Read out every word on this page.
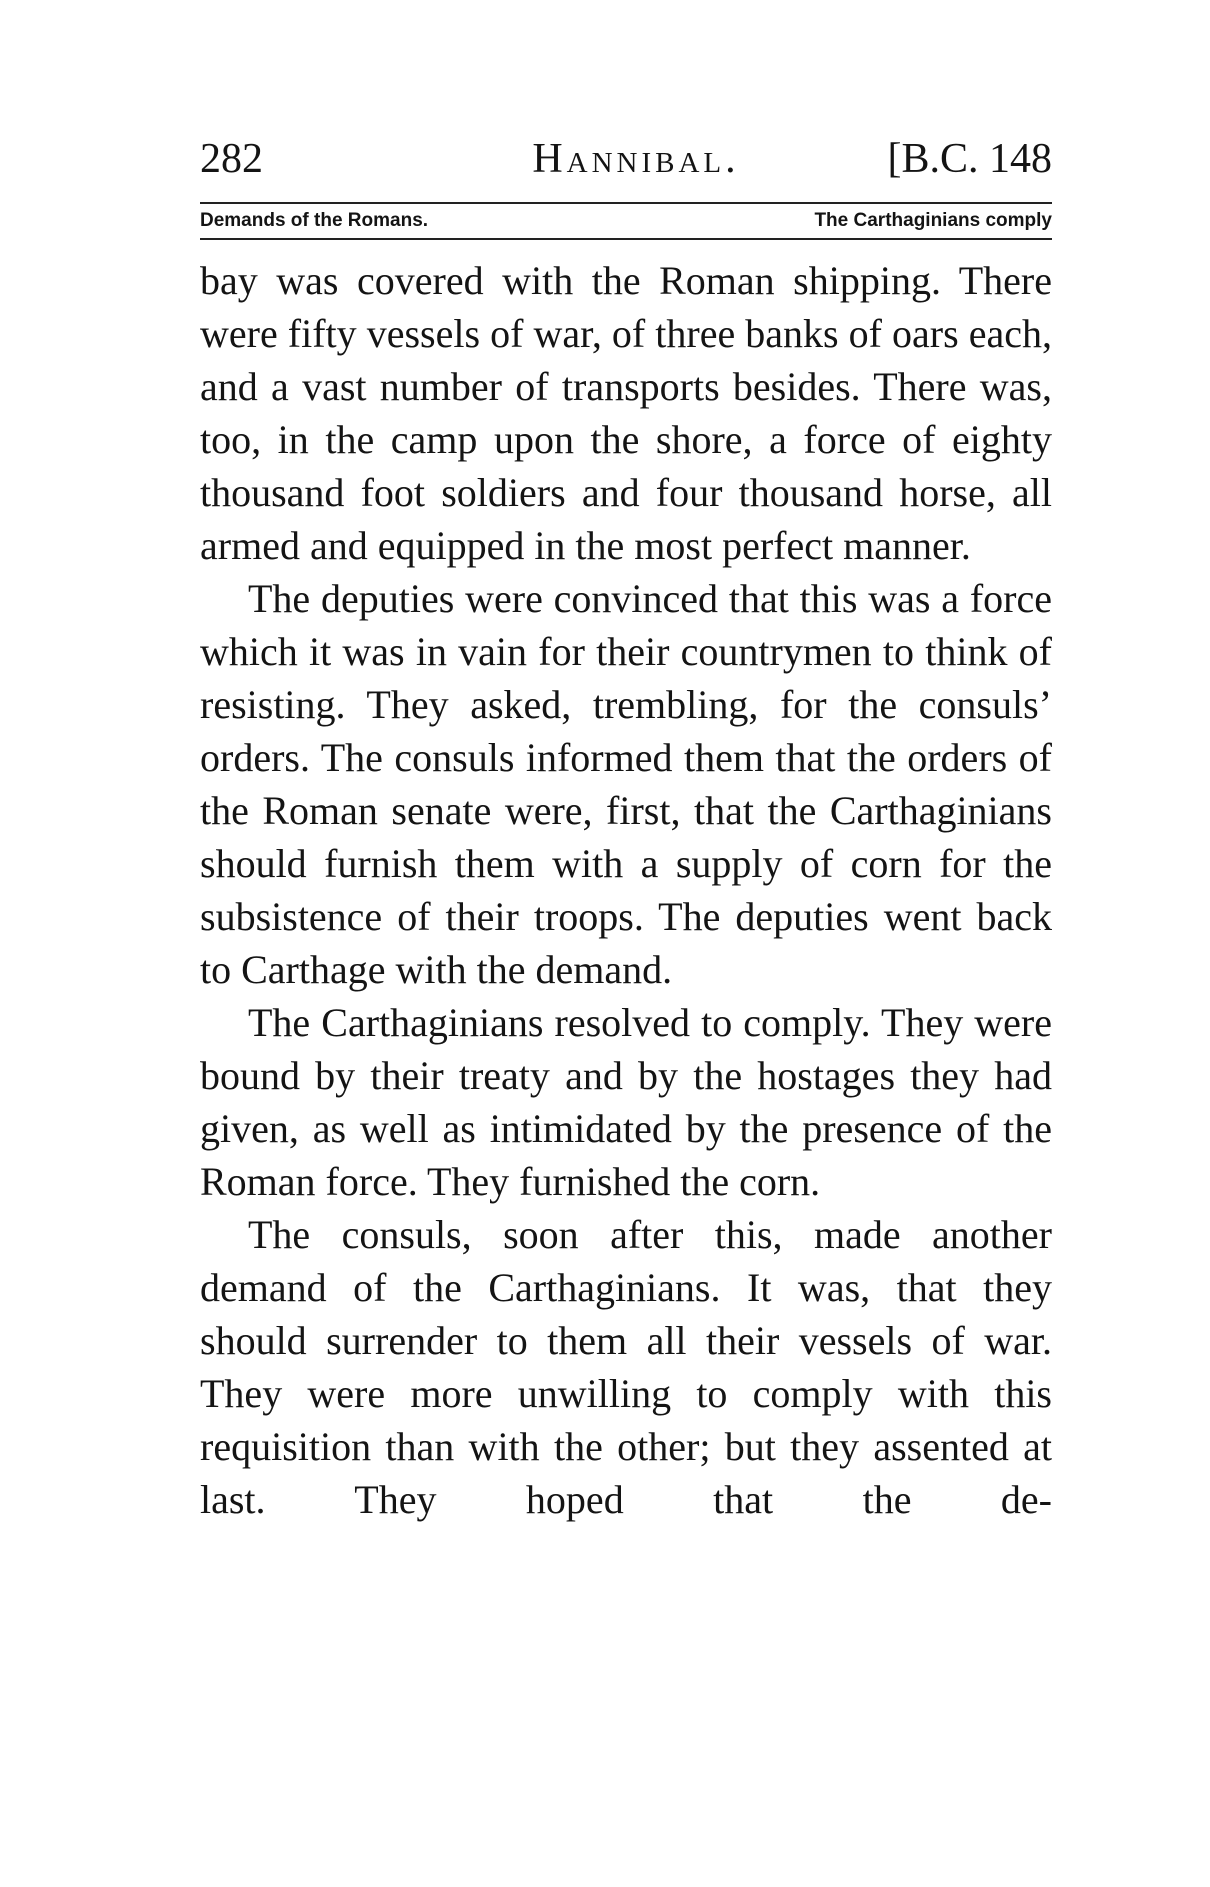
282	Hannibal.	[B.C. 148
Demands of the Romans.	The Carthaginians comply

bay was covered with the Roman shipping. There were fifty vessels of war, of three banks of oars each, and a vast number of transports besides. There was, too, in the camp upon the shore, a force of eighty thousand foot soldiers and four thousand horse, all armed and equipped in the most perfect manner.

The deputies were convinced that this was a force which it was in vain for their countrymen to think of resisting. They asked, trembling, for the consuls’ orders. The consuls informed them that the orders of the Roman senate were, first, that the Carthaginians should furnish them with a supply of corn for the subsistence of their troops. The deputies went back to Carthage with the demand.

The Carthaginians resolved to comply. They were bound by their treaty and by the hostages they had given, as well as intimidated by the presence of the Roman force. They furnished the corn.

The consuls, soon after this, made another demand of the Carthaginians. It was, that they should surrender to them all their vessels of war. They were more unwilling to comply with this requisition than with the other; but they assented at last. They hoped that the de-
